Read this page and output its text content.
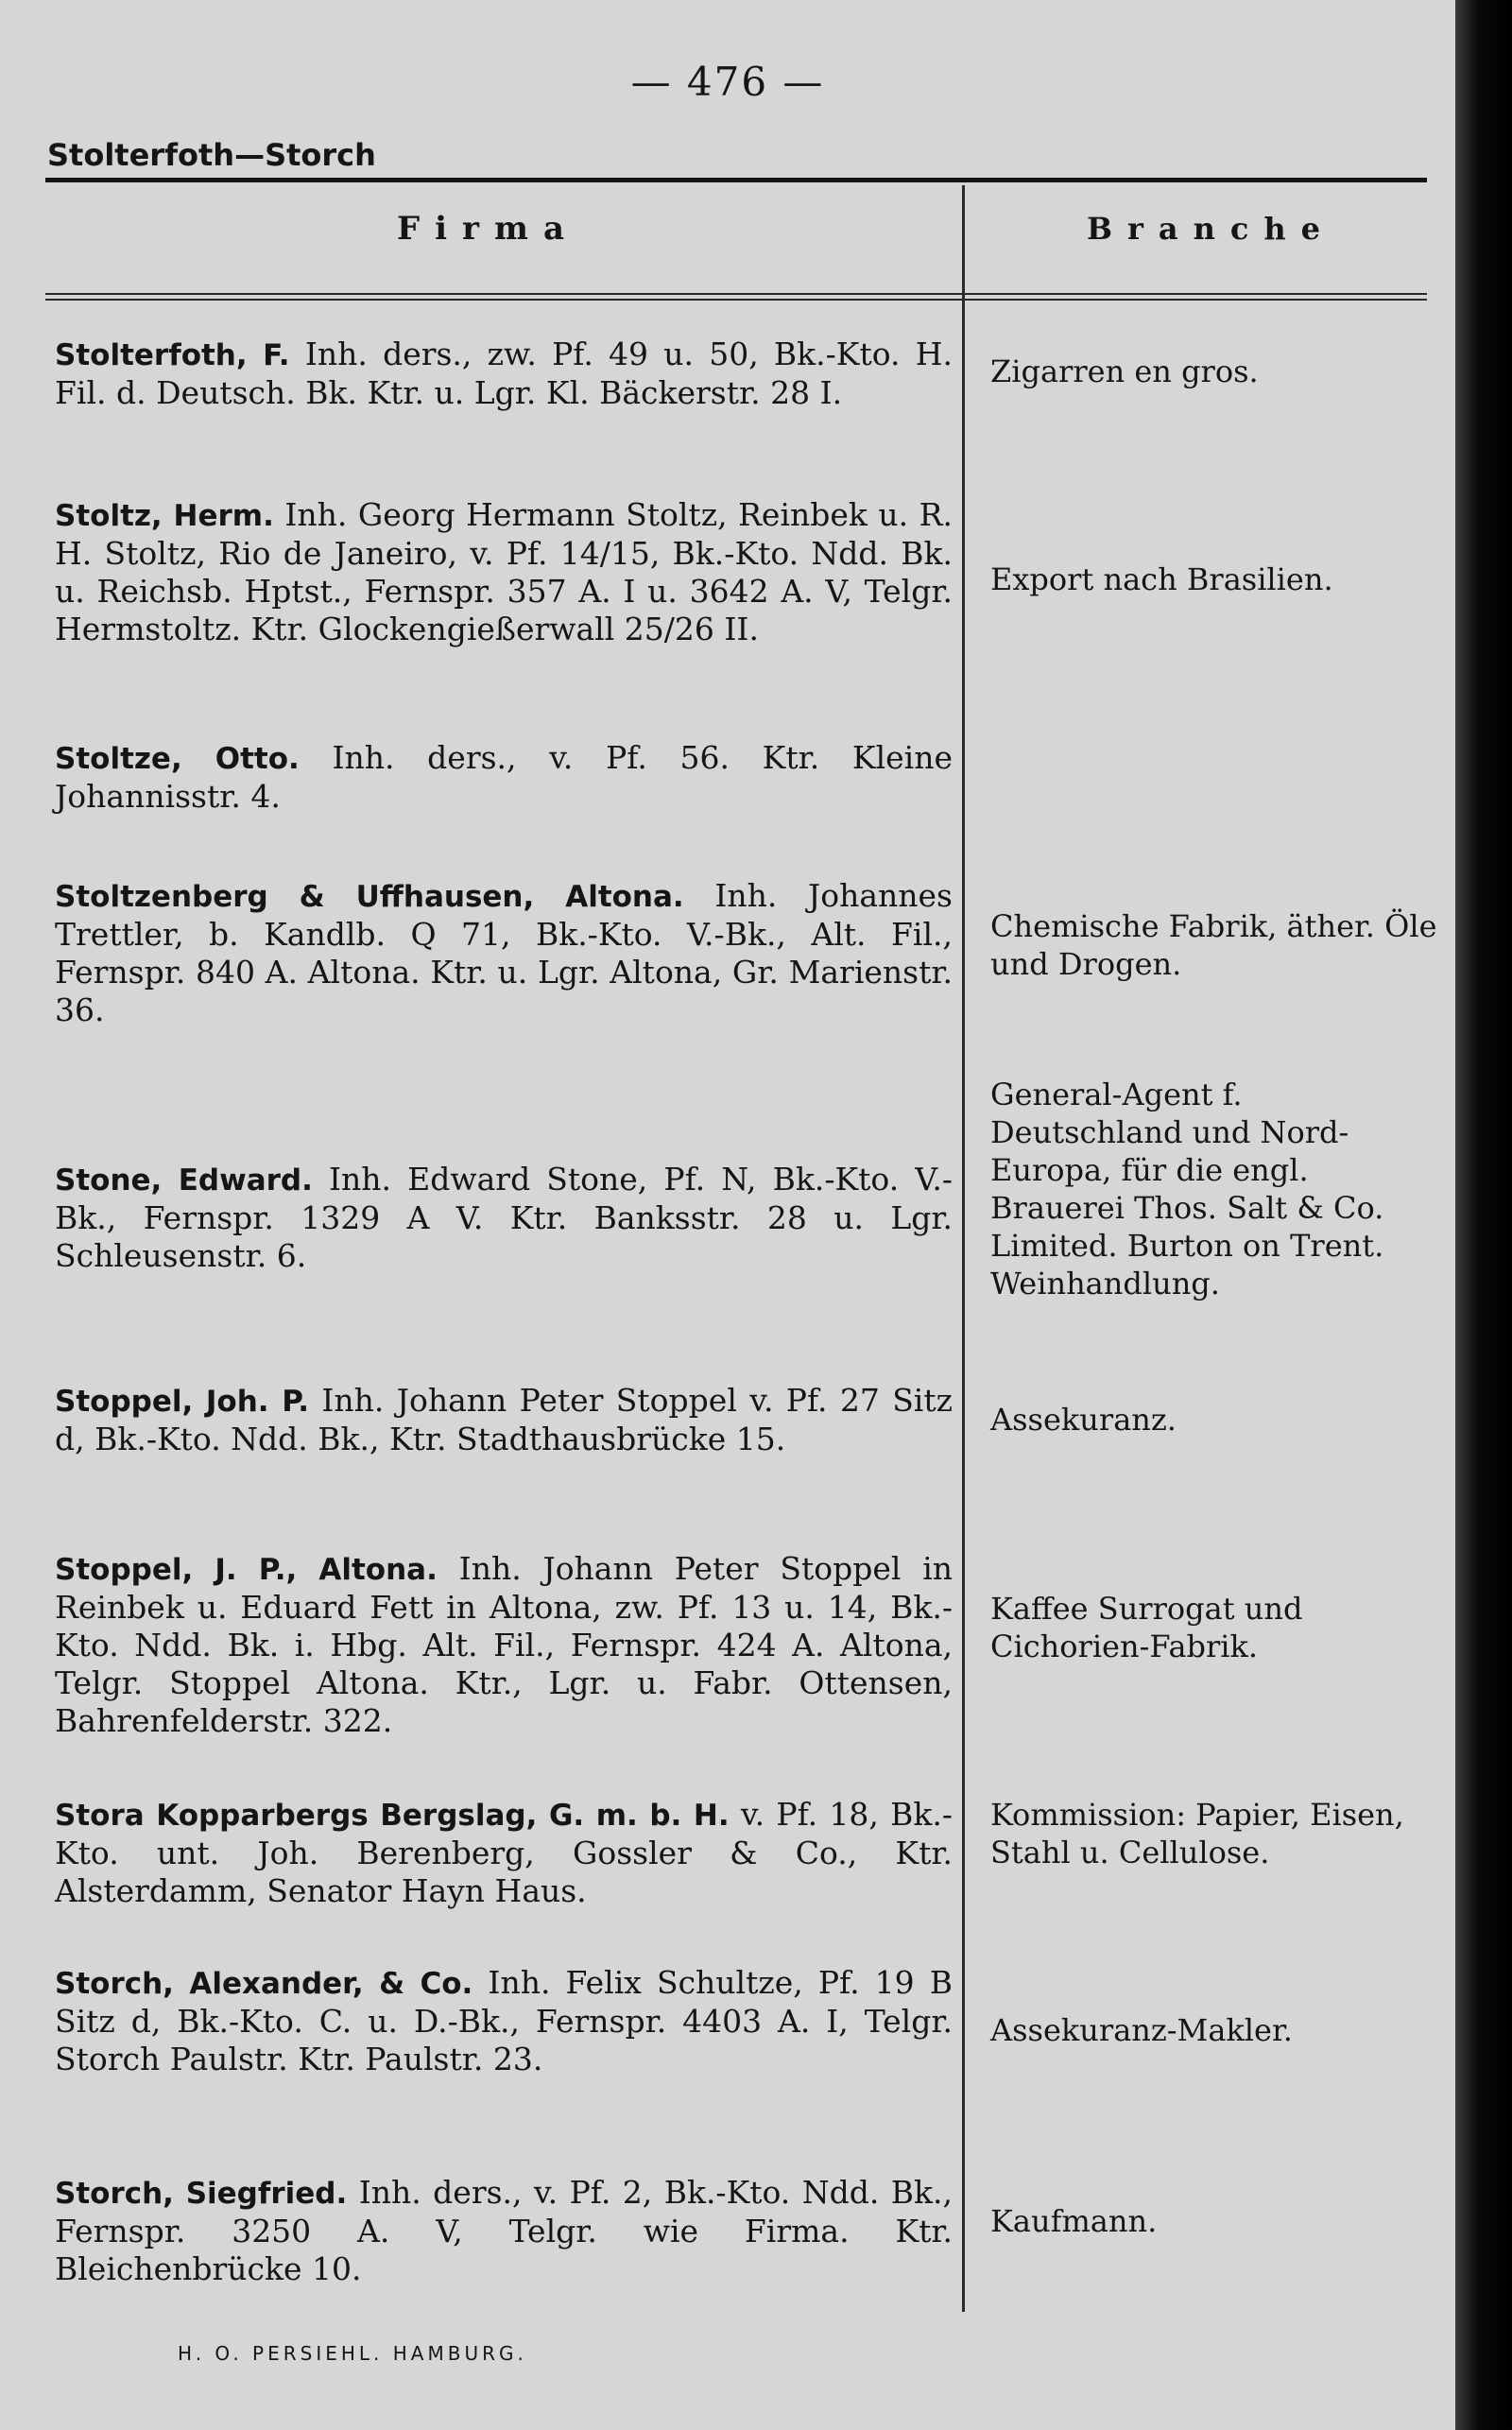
— 476 —
Stolterfoth—Storch
Firma	Branche
Stolterfoth, F. Inh. ders., zw. Pf. 49 u. 50, Bk.-Kto. H. Fil. d. Deutsch. Bk. Ktr. u. Lgr. Kl. Bäckerstr. 28 I.
Zigarren en gros.
Stoltz, Herm. Inh. Georg Hermann Stoltz, Reinbek u. R. H. Stoltz, Rio de Janeiro, v. Pf. 14/15, Bk.-Kto. Ndd. Bk. u. Reichsb. Hptst., Fernspr. 357 A. I u. 3642 A. V, Telgr. Hermstoltz. Ktr. Glockengießerwall 25/26 II.
Export nach Brasilien.
Stoltze, Otto. Inh. ders., v. Pf. 56. Ktr. Kleine Johannisstr. 4.
Stoltzenberg & Uffhausen, Altona. Inh. Johannes Trettler, b. Kandlb. Q 71, Bk.-Kto. V.-Bk., Alt. Fil., Fernspr. 840 A. Altona. Ktr. u. Lgr. Altona, Gr. Marienstr. 36.
Chemische Fabrik, äther. Öle und Drogen.
Stone, Edward. Inh. Edward Stone, Pf. N, Bk.-Kto. V.-Bk., Fernspr. 1329 A V. Ktr. Banksstr. 28 u. Lgr. Schleusenstr. 6.
General-Agent f. Deutschland und Nord-Europa, für die engl. Brauerei Thos. Salt & Co. Limited. Burton on Trent. Weinhandlung.
Stoppel, Joh. P. Inh. Johann Peter Stoppel v. Pf. 27 Sitz d, Bk.-Kto. Ndd. Bk., Ktr. Stadthausbrücke 15.
Assekuranz.
Stoppel, J. P., Altona. Inh. Johann Peter Stoppel in Reinbek u. Eduard Fett in Altona, zw. Pf. 13 u. 14, Bk.-Kto. Ndd. Bk. i. Hbg. Alt. Fil., Fernspr. 424 A. Altona, Telgr. Stoppel Altona. Ktr., Lgr. u. Fabr. Ottensen, Bahrenfelderstr. 322.
Kaffee Surrogat und Cichorien-Fabrik.
Stora Kopparbergs Bergslag, G. m. b. H. v. Pf. 18, Bk.-Kto. unt. Joh. Berenberg, Gossler & Co., Ktr. Alsterdamm, Senator Hayn Haus.
Kommission: Papier, Eisen, Stahl u. Cellulose.
Storch, Alexander, & Co. Inh. Felix Schultze, Pf. 19 B Sitz d, Bk.-Kto. C. u. D.-Bk., Fernspr. 4403 A. I, Telgr. Storch Paulstr. Ktr. Paulstr. 23.
Assekuranz-Makler.
Storch, Siegfried. Inh. ders., v. Pf. 2, Bk.-Kto. Ndd. Bk., Fernspr. 3250 A. V, Telgr. wie Firma. Ktr. Bleichenbrücke 10.
Kaufmann.
H. O. PERSIEHL. HAMBURG.
